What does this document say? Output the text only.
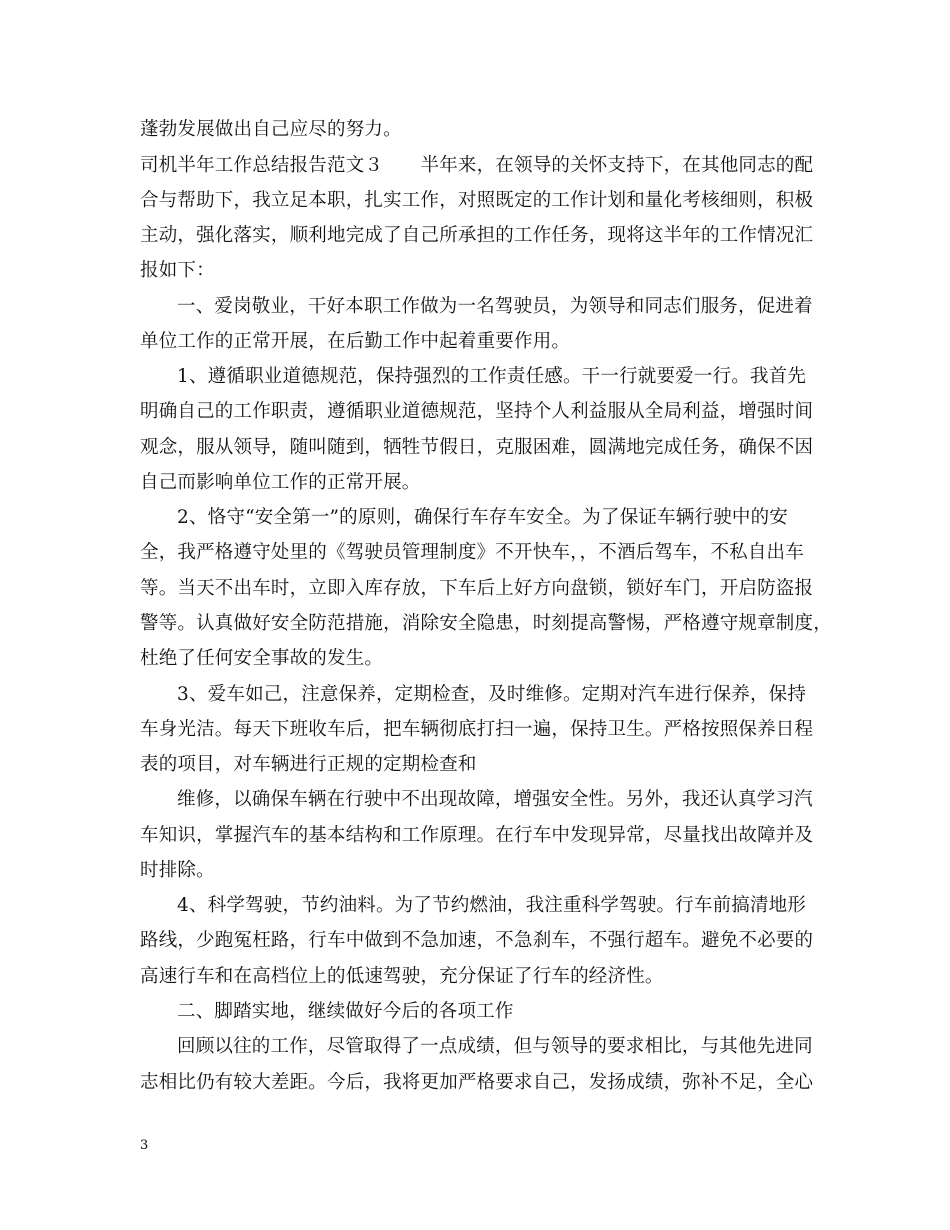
蓬勃发展做出自己应尽的努力。
司机半年工作总结报告范文３　　半年来，在领导的关怀支持下，在其他同志的配
合与帮助下，我立足本职，扎实工作，对照既定的工作计划和量化考核细则，积极
主动，强化落实，顺利地完成了自己所承担的工作任务，现将这半年的工作情况汇
报如下：
一、爱岗敬业，干好本职工作做为一名驾驶员，为领导和同志们服务，促进着
单位工作的正常开展，在后勤工作中起着重要作用。
1、遵循职业道德规范，保持强烈的工作责任感。干一行就要爱一行。我首先
明确自己的工作职责，遵循职业道德规范，坚持个人利益服从全局利益，增强时间
观念，服从领导，随叫随到，牺牲节假日，克服困难，圆满地完成任务，确保不因
自己而影响单位工作的正常开展。
2、恪守“安全第一”的原则，确保行车存车安全。为了保证车辆行驶中的安
全，我严格遵守处里的《驾驶员管理制度》不开快车，，不酒后驾车，不私自出车
等。当天不出车时，立即入库存放，下车后上好方向盘锁，锁好车门，开启防盗报
警等。认真做好安全防范措施，消除安全隐患，时刻提高警惕，严格遵守规章制度，
杜绝了任何安全事故的发生。
3、爱车如己，注意保养，定期检查，及时维修。定期对汽车进行保养，保持
车身光洁。每天下班收车后，把车辆彻底打扫一遍，保持卫生。严格按照保养日程
表的项目，对车辆进行正规的定期检查和
维修，以确保车辆在行驶中不出现故障，增强安全性。另外，我还认真学习汽
车知识，掌握汽车的基本结构和工作原理。在行车中发现异常，尽量找出故障并及
时排除。
4、科学驾驶，节约油料。为了节约燃油，我注重科学驾驶。行车前搞清地形
路线，少跑冤枉路，行车中做到不急加速，不急刹车，不强行超车。避免不必要的
高速行车和在高档位上的低速驾驶，充分保证了行车的经济性。
二、脚踏实地，继续做好今后的各项工作
回顾以往的工作，尽管取得了一点成绩，但与领导的要求相比，与其他先进同
志相比仍有较大差距。今后，我将更加严格要求自己，发扬成绩，弥补不足，全心
3
